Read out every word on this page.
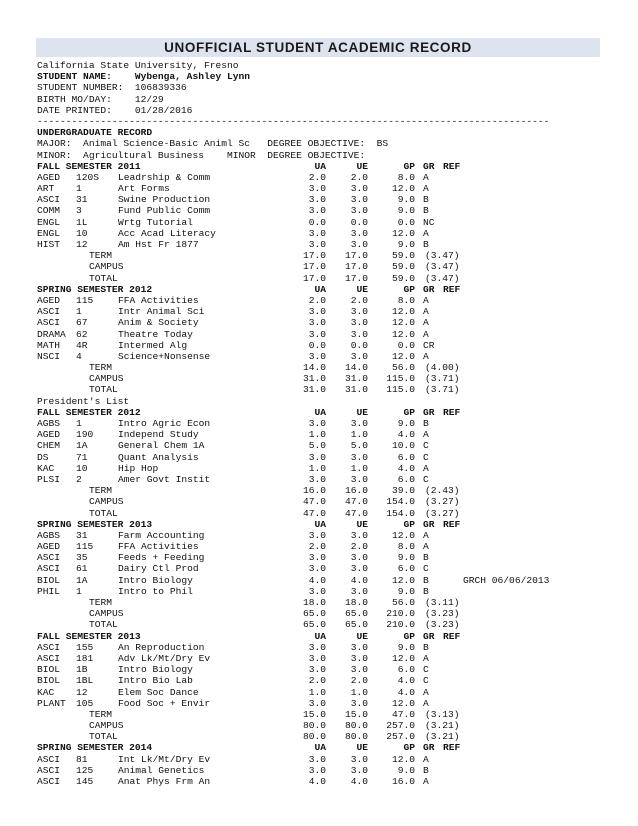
UNOFFICIAL STUDENT ACADEMIC RECORD
California State University, Fresno
STUDENT NAME:    Wybenga, Ashley Lynn
STUDENT NUMBER:  106839336
BIRTH MO/DAY:    12/29
DATE PRINTED:    01/28/2016
-----------------------------------------------------------------------------------------
UNDERGRADUATE RECORD
MAJOR:  Animal Science-Basic Animl Sc   DEGREE OBJECTIVE:  BS
MINOR:  Agricultural Business    MINOR  DEGREE OBJECTIVE:
FALL SEMESTER 2011	UA	UE	GP GR REF
AGED 120S Leadrship & Comm	2.0	2.0	8.0 A
ART 1	Art Forms	3.0	3.0 12.0 A
ASCI 31	Swine Production	3.0	3.0	9.0 B
COMM 3	Fund Public Comm	3.0	3.0	9.0 B
ENGL 1L	Wrtg Tutorial	0.0	0.0	0.0 NC
ENGL 10	Acc Acad Literacy	3.0	3.0 12.0 A
HIST 12	Am Hst Fr 1877	3.0	3.0	9.0 B
TERM	17.0 17.0 59.0 (3.47)
CAMPUS	17.0 17.0 59.0 (3.47)
TOTAL	17.0 17.0 59.0 (3.47)
SPRING SEMESTER 2012	UA	UE	GP GR REF
AGED 115	FFA Activities	2.0	2.0	8.0 A
ASCI 1	Intr Animal Sci	3.0	3.0 12.0 A
ASCI 67	Anim & Society	3.0	3.0 12.0 A
DRAMA 62	Theatre Today	3.0	3.0 12.0 A
MATH 4R	Intermed Alg	0.0	0.0	0.0 CR
NSCI 4	Science+Nonsense	3.0	3.0 12.0 A
TERM	14.0 14.0 56.0 (4.00)
CAMPUS	31.0 31.0 115.0 (3.71)
TOTAL	31.0 31.0 115.0 (3.71)
President's List
FALL SEMESTER 2012	UA	UE	GP GR REF
AGBS 1	Intro Agric Econ	3.0	3.0	9.0 B
AGED 190	Independ Study	1.0	1.0	4.0 A
CHEM 1A	General Chem 1A	5.0	5.0 10.0 C
DS	71	Quant Analysis	3.0	3.0	6.0 C
KAC 10	Hip Hop	1.0	1.0	4.0 A
PLSI 2	Amer Govt Instit	3.0	3.0	6.0 C
TERM	16.0 16.0 39.0 (2.43)
CAMPUS	47.0 47.0 154.0 (3.27)
TOTAL	47.0 47.0 154.0 (3.27)
SPRING SEMESTER 2013	UA	UE	GP GR REF
AGBS 31	Farm Accounting	3.0	3.0 12.0 A
AGED 115	FFA Activities	2.0	2.0	8.0 A
ASCI 35	Feeds + Feeding	3.0	3.0	9.0 B
ASCI 61	Dairy Ctl Prod	3.0	3.0	6.0 C
BIOL 1A	Intro Biology	4.0	4.0 12.0 B	GRCH 06/06/2013
PHIL 1	Intro to Phil	3.0	3.0	9.0 B
TERM	18.0 18.0 56.0 (3.11)
CAMPUS	65.0 65.0 210.0 (3.23)
TOTAL	65.0 65.0 210.0 (3.23)
FALL SEMESTER 2013	UA	UE	GP GR REF
ASCI 155	An Reproduction	3.0	3.0	9.0 B
ASCI 181	Adv Lk/Mt/Dry Ev	3.0	3.0 12.0 A
BIOL 1B	Intro Biology	3.0	3.0	6.0 C
BIOL 1BL	Intro Bio Lab	2.0	2.0	4.0 C
KAC 12	Elem Soc Dance	1.0	1.0	4.0 A
PLANT 105	Food Soc + Envir	3.0	3.0 12.0 A
TERM	15.0 15.0 47.0 (3.13)
CAMPUS	80.0 80.0 257.0 (3.21)
TOTAL	80.0 80.0 257.0 (3.21)
SPRING SEMESTER 2014	UA	UE	GP GR REF
ASCI 81	Int Lk/Mt/Dry Ev	3.0	3.0 12.0 A
ASCI 125	Animal Genetics	3.0	3.0	9.0 B
ASCI 145	Anat Phys Frm An	4.0	4.0 16.0 A
